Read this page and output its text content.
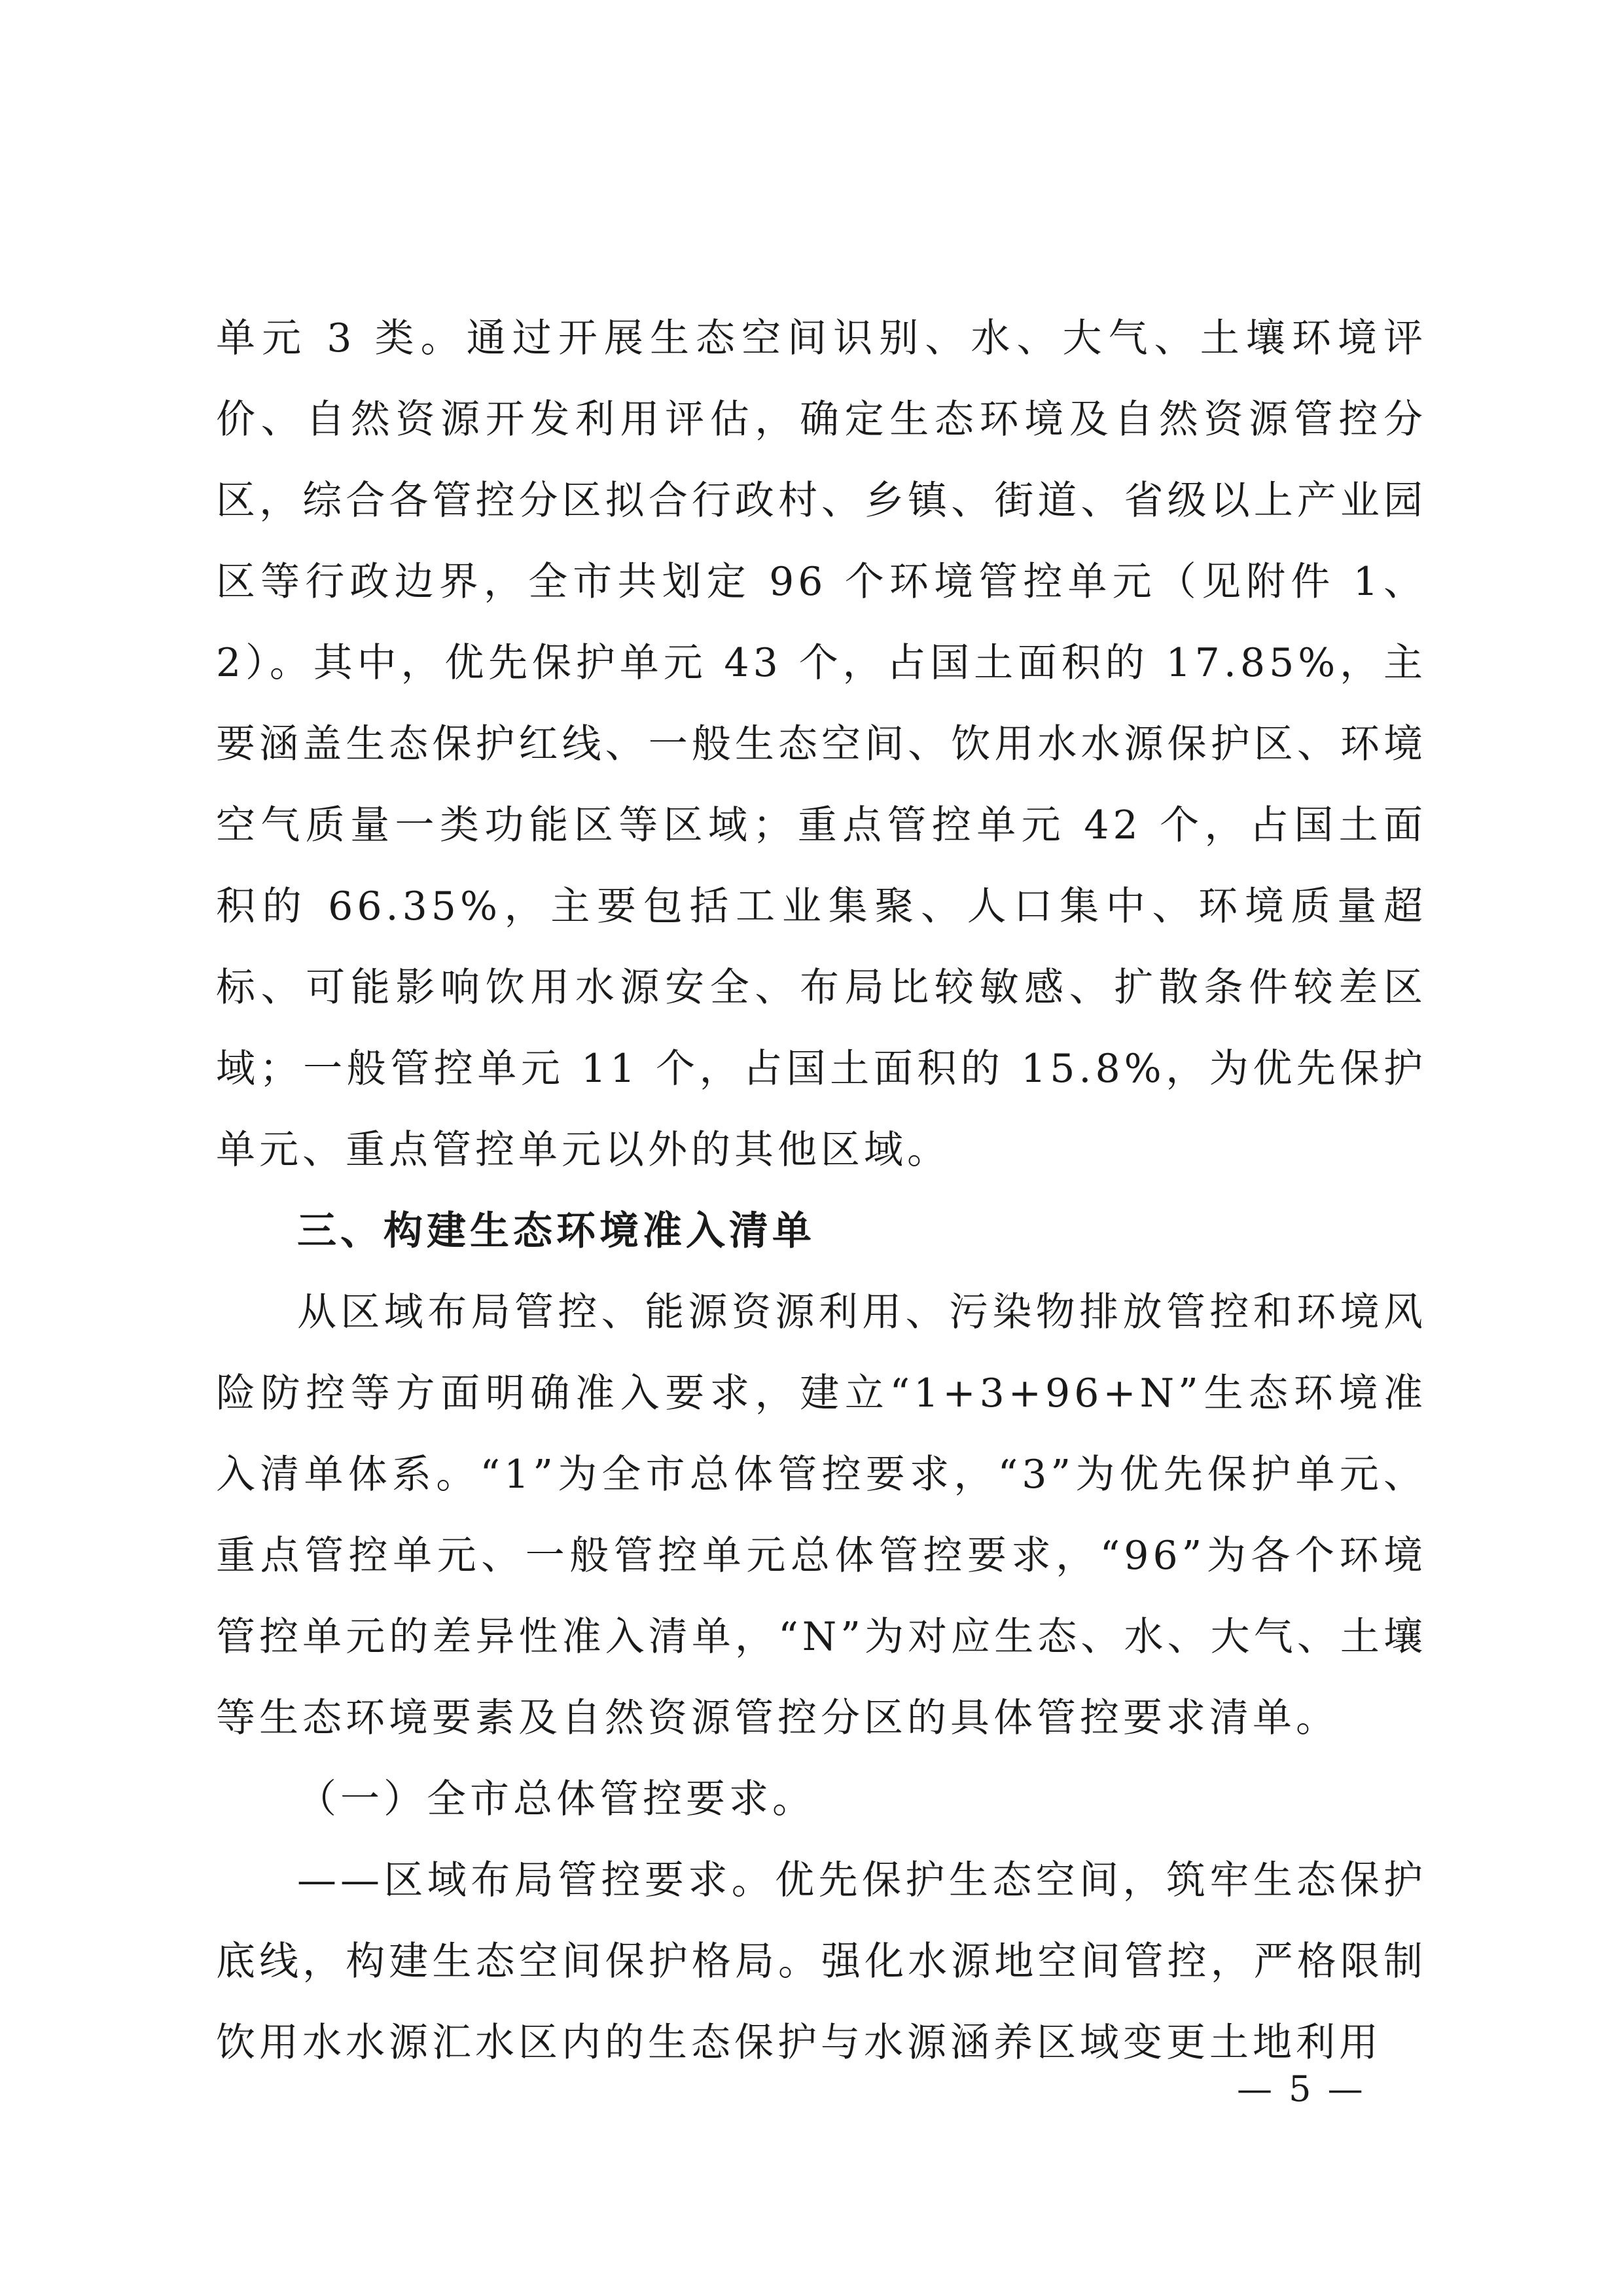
单元 3 类。通过开展生态空间识别、水、大气、土壤环境评价、自然资源开发利用评估，确定生态环境及自然资源管控分区，综合各管控分区拟合行政村、乡镇、街道、省级以上产业园区等行政边界，全市共划定 96 个环境管控单元（见附件 1、2）。其中，优先保护单元 43 个，占国土面积的 17.85%，主要涵盖生态保护红线、一般生态空间、饮用水水源保护区、环境空气质量一类功能区等区域；重点管控单元 42 个，占国土面积的 66.35%，主要包括工业集聚、人口集中、环境质量超标、可能影响饮用水源安全、布局比较敏感、扩散条件较差区域；一般管控单元 11 个，占国土面积的 15.8%，为优先保护单元、重点管控单元以外的其他区域。

三、构建生态环境准入清单

从区域布局管控、能源资源利用、污染物排放管控和环境风险防控等方面明确准入要求，建立“1+3+96+N”生态环境准入清单体系。“1”为全市总体管控要求，“3”为优先保护单元、重点管控单元、一般管控单元总体管控要求，“96”为各个环境管控单元的差异性准入清单，“N”为对应生态、水、大气、土壤等生态环境要素及自然资源管控分区的具体管控要求清单。

（一）全市总体管控要求。

——区域布局管控要求。优先保护生态空间，筑牢生态保护底线，构建生态空间保护格局。强化水源地空间管控，严格限制饮用水水源汇水区内的生态保护与水源涵养区域变更土地利用

— 5 —
